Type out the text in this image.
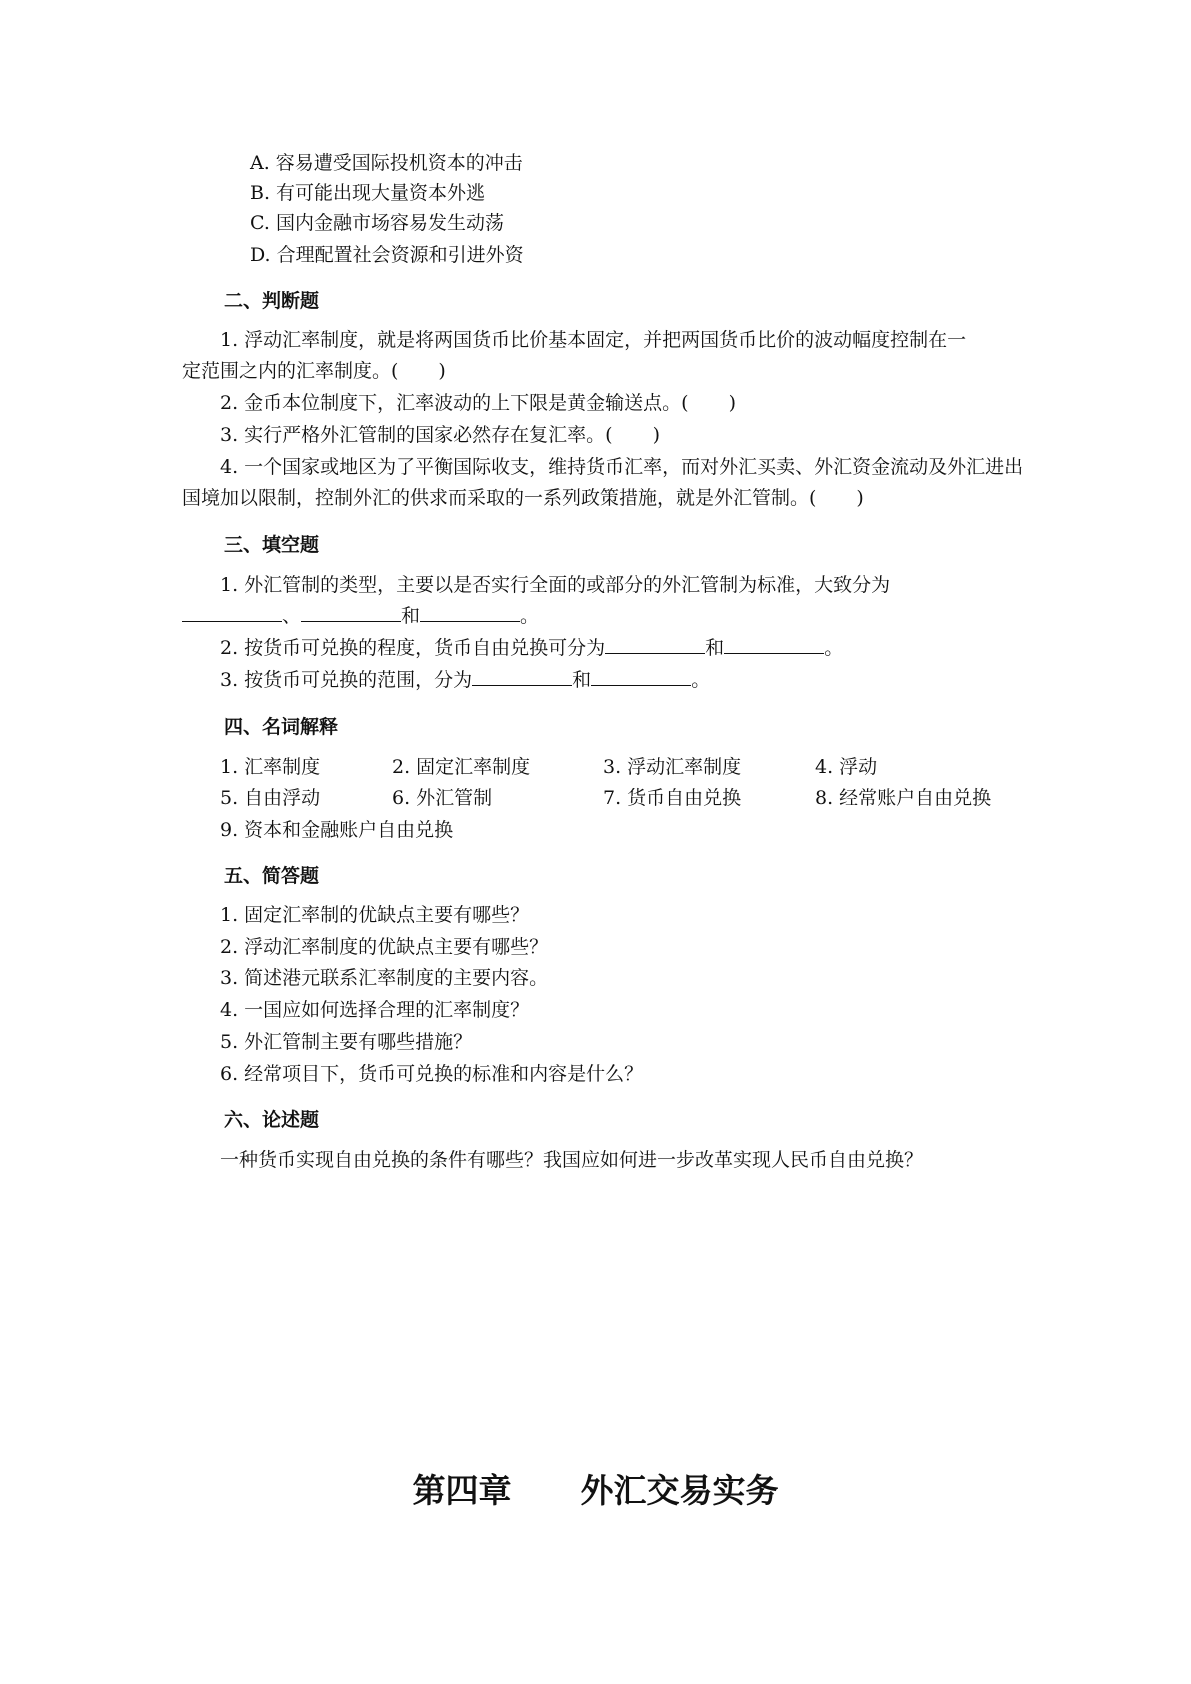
A. 容易遭受国际投机资本的冲击
B. 有可能出现大量资本外逃
C. 国内金融市场容易发生动荡
D. 合理配置社会资源和引进外资
二、判断题
1. 浮动汇率制度，就是将两国货币比价基本固定，并把两国货币比价的波动幅度控制在一
定范围之内的汇率制度。( )
2. 金币本位制度下，汇率波动的上下限是黄金输送点。( )
3. 实行严格外汇管制的国家必然存在复汇率。( )
4. 一个国家或地区为了平衡国际收支，维持货币汇率，而对外汇买卖、外汇资金流动及外汇进出
国境加以限制，控制外汇的供求而采取的一系列政策措施，就是外汇管制。( )
三、填空题
1. 外汇管制的类型，主要以是否实行全面的或部分的外汇管制为标准，大致分为
、	和	。
2. 按货币可兑换的程度，货币自由兑换可分为	和	。
3. 按货币可兑换的范围，分为	和	。
四、名词解释
1. 汇率制度	2. 固定汇率制度	3. 浮动汇率制度	4. 浮动
5. 自由浮动	6. 外汇管制	7. 货币自由兑换	8. 经常账户自由兑换
9. 资本和金融账户自由兑换
五、简答题
1. 固定汇率制的优缺点主要有哪些？
2. 浮动汇率制度的优缺点主要有哪些？
3. 简述港元联系汇率制度的主要内容。
4. 一国应如何选择合理的汇率制度？
5. 外汇管制主要有哪些措施？
6. 经常项目下，货币可兑换的标准和内容是什么？
六、论述题
一种货币实现自由兑换的条件有哪些？我国应如何进一步改革实现人民币自由兑换？
第四章      外汇交易实务
